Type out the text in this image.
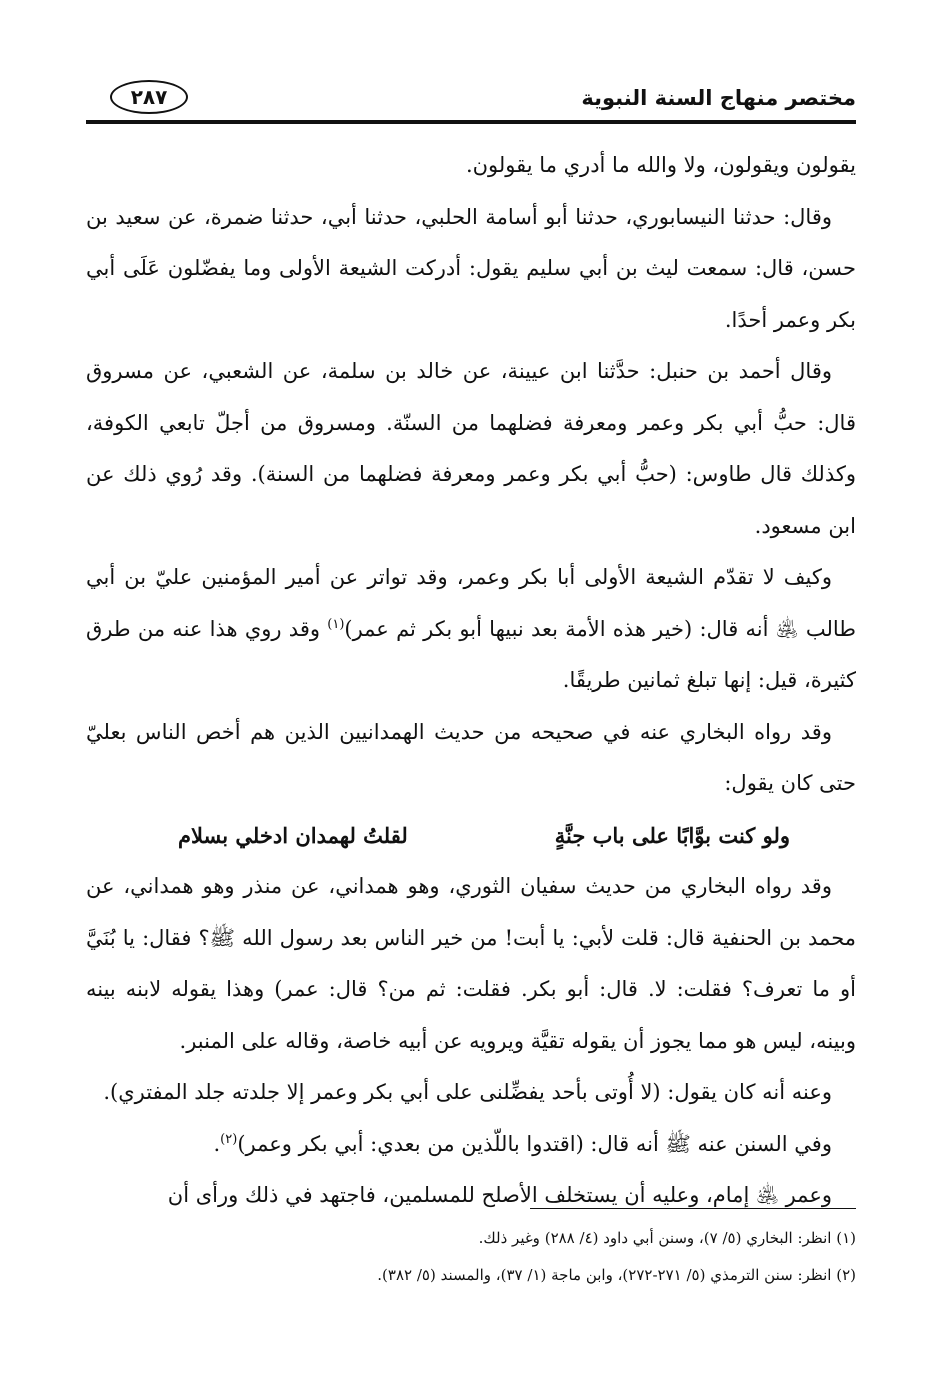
مختصر منهاج السنة النبوية
٢٨٧

يقولون ويقولون، ولا والله ما أدري ما يقولون.

وقال: حدثنا النيسابوري، حدثنا أبو أسامة الحلبي، حدثنا أبي، حدثنا ضمرة، عن سعيد بن حسن، قال: سمعت ليث بن أبي سليم يقول: أدركت الشيعة الأولى وما يفضّلون عَلَى أبي بكر وعمر أحدًا.

وقال أحمد بن حنبل: حدَّثنا ابن عيينة، عن خالد بن سلمة، عن الشعبي، عن مسروق قال: حبُّ أبي بكر وعمر ومعرفة فضلهما من السنّة. ومسروق من أجلّ تابعي الكوفة، وكذلك قال طاوس: (حبُّ أبي بكر وعمر ومعرفة فضلهما من السنة). وقد رُوي ذلك عن ابن مسعود.

وكيف لا تقدّم الشيعة الأولى أبا بكر وعمر، وقد تواتر عن أمير المؤمنين عليّ بن أبي طالب ﵁ أنه قال: (خير هذه الأمة بعد نبيها أبو بكر ثم عمر)$^{(١)}$ وقد روي هذا عنه من طرق كثيرة، قيل: إنها تبلغ ثمانين طريقًا.

وقد رواه البخاري عنه في صحيحه من حديث الهمدانيين الذين هم أخص الناس بعليّ حتى كان يقول:

ولو كنت بوَّابًا على باب جنَّةٍ
لقلتُ لهمدان ادخلي بسلام

وقد رواه البخاري من حديث سفيان الثوري، وهو همداني، عن منذر وهو همداني، عن محمد بن الحنفية قال: قلت لأبي: يا أبت! من خير الناس بعد رسول الله ﷺ؟ فقال: يا بُنَيَّ أو ما تعرف؟ فقلت: لا. قال: أبو بكر. فقلت: ثم من؟ قال: عمر) وهذا يقوله لابنه بينه وبينه، ليس هو مما يجوز أن يقوله تقيَّة ويرويه عن أبيه خاصة، وقاله على المنبر.

وعنه أنه كان يقول: (لا أُوتى بأحد يفضِّلنى على أبي بكر وعمر إلا جلدته جلد المفتري).

وفي السنن عنه ﷺ أنه قال: (اقتدوا باللّذين من بعدي: أبي بكر وعمر)$^{(٢)}$.

وعمر ﵁ إمام، وعليه أن يستخلف الأصلح للمسلمين، فاجتهد في ذلك ورأى أن

(١) انظر: البخاري (٥/ ٧)، وسنن أبي داود (٤/ ٢٨٨) وغير ذلك.

(٢) انظر: سنن الترمذي (٥/ ٢٧١-٢٧٢)، وابن ماجة (١/ ٣٧)، والمسند (٥/ ٣٨٢).
